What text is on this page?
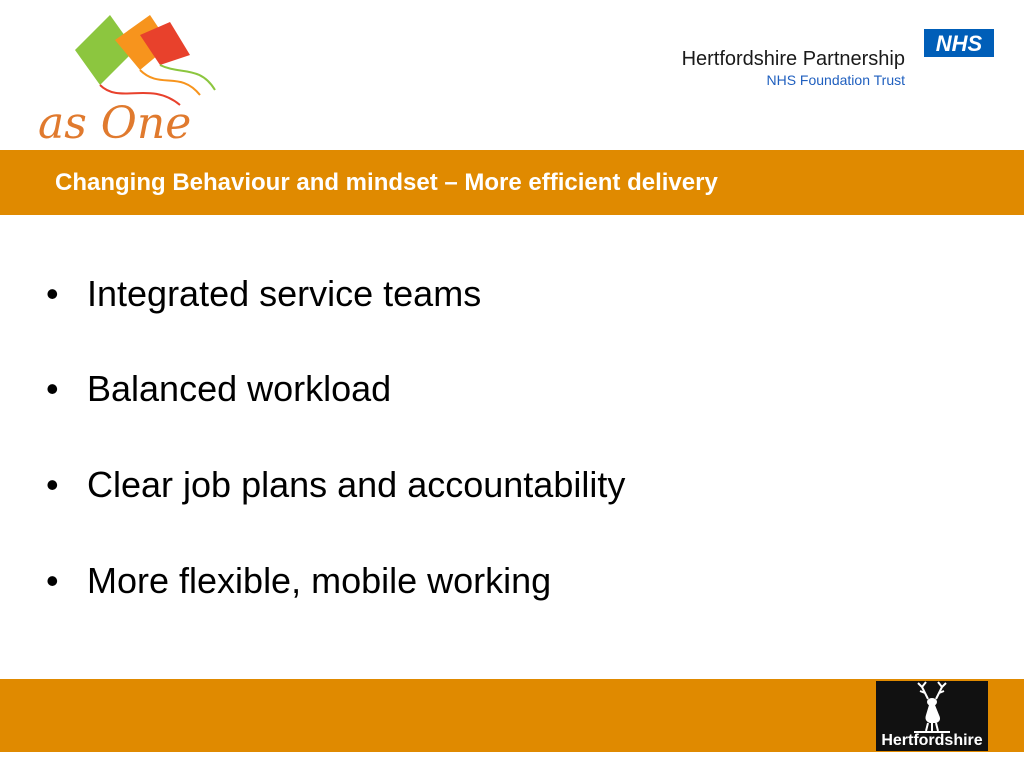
as One
Hertfordshire Partnership
NHS Foundation Trust
NHS
Changing Behaviour and mindset – More efficient delivery
• Integrated service teams
• Balanced workload
• Clear job plans and accountability
• More flexible, mobile working
Hertfordshire
